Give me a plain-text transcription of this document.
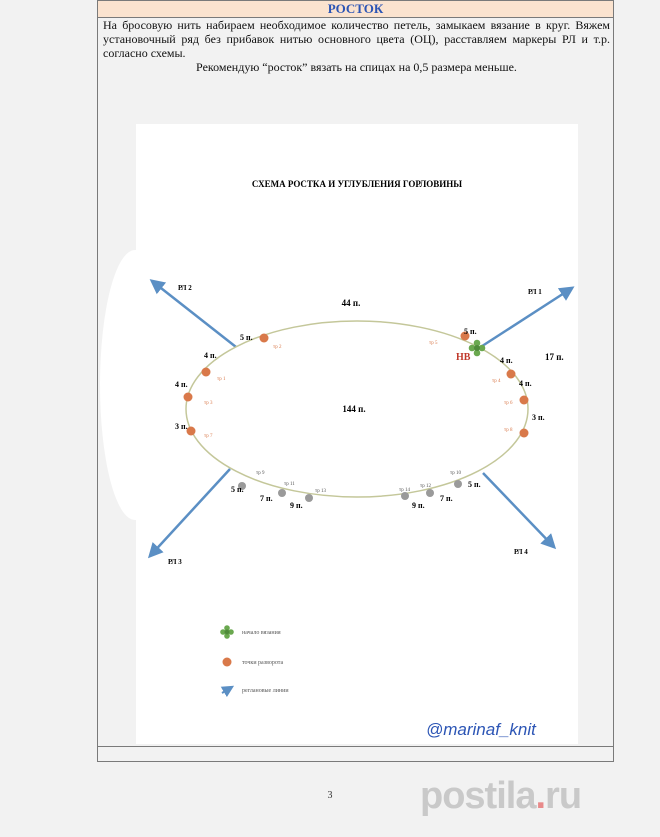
РОСТОК

На бросовую нить набираем необходимое количество петель, замыкаем вязание в круг. Вяжем установочный ряд без прибавок нитью основного цвета (ОЦ), расставляем маркеры РЛ и т.р. согласно схемы.

Рекомендую “росток” вязать на спицах на 0,5 размера меньше.

СХЕМА РОСТКА И УГЛУБЛЕНИЯ ГОРЛОВИНЫ
РЛ 1
РЛ 2
РЛ 3
РЛ 4
44 п.
144 п.
17 п.
НВ
тр 2
5 п.
тр 1
4 п.
тр 3
4 п.
тр 7
3 п.
тр 5
5 п.
тр 4
4 п.
тр 6
4 п.
тр 8
3 п.
тр 9
5 п.
тр 11
7 п.
тр 13
9 п.
тр 14
9 п.
тр 12
7 п.
тр 10
5 п.
начало вязания
точки разворота
реглановые линии
@marinaf_knit
3	postila.ru
